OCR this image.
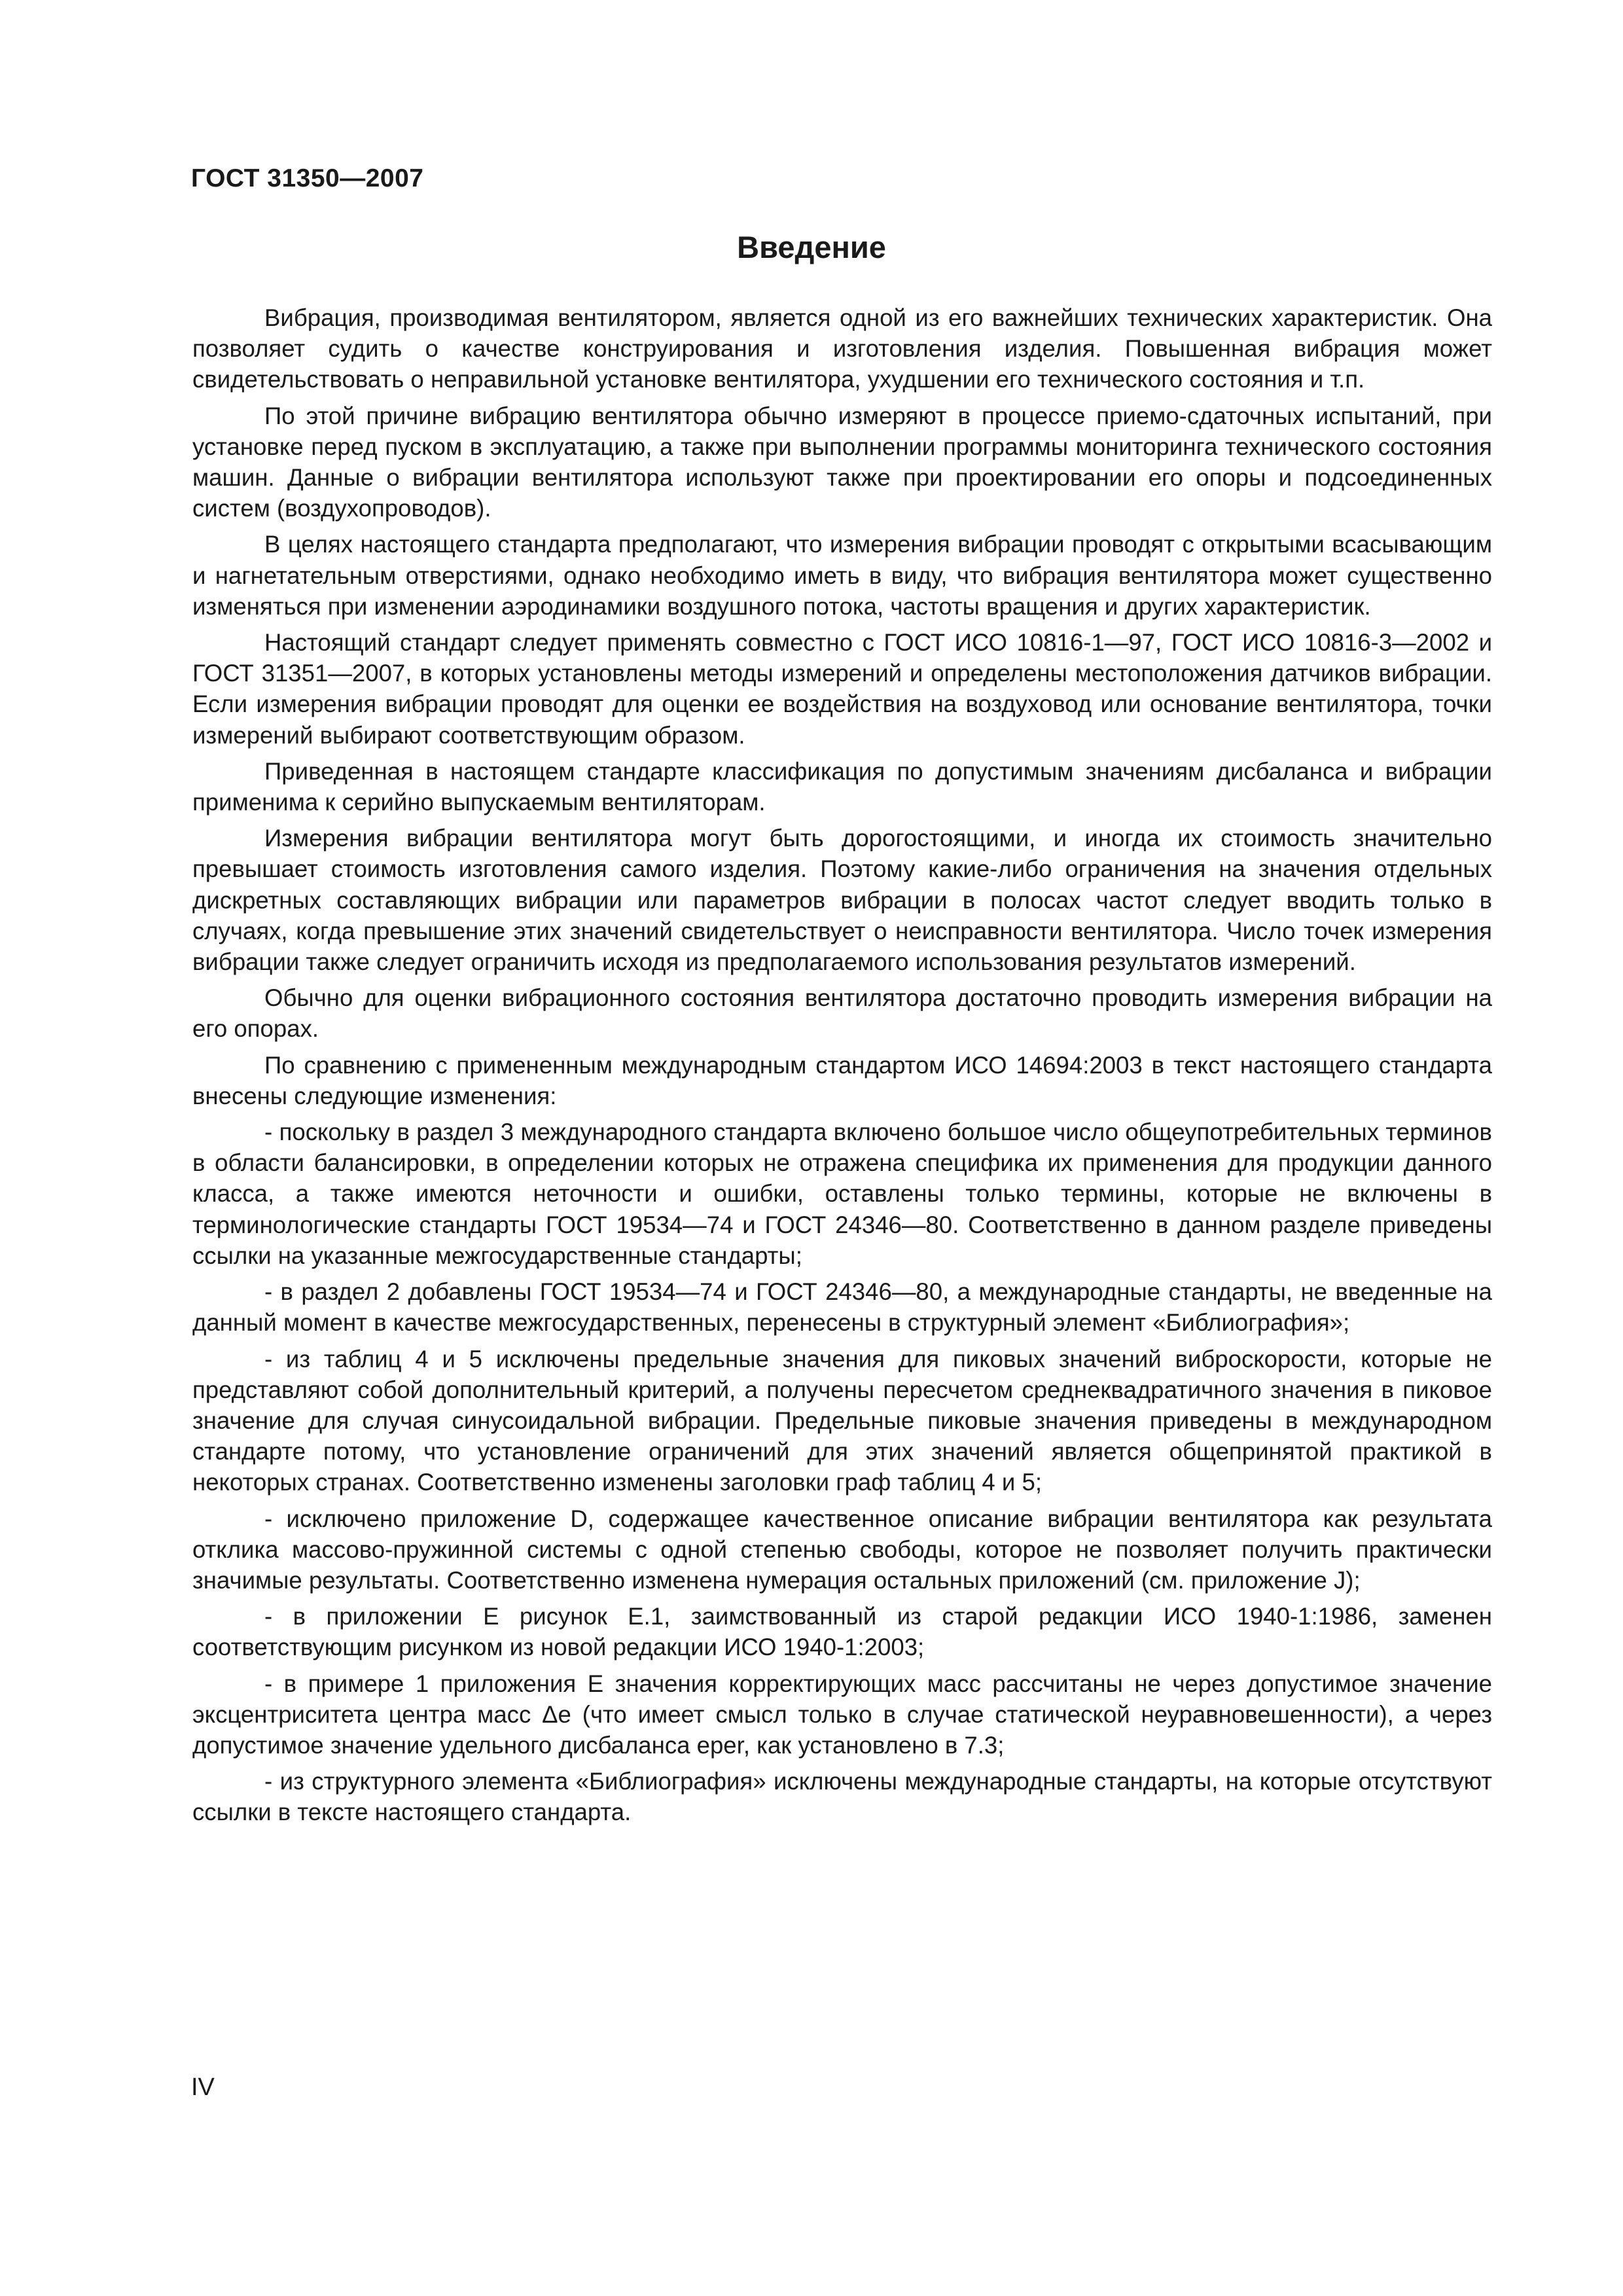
ГОСТ 31350—2007
Введение

Вибрация, производимая вентилятором, является одной из его важнейших технических характеристик. Она позволяет судить о качестве конструирования и изготовления изделия. Повышенная вибрация может свидетельствовать о неправильной установке вентилятора, ухудшении его технического состояния и т.п.

По этой причине вибрацию вентилятора обычно измеряют в процессе приемо-сдаточных испытаний, при установке перед пуском в эксплуатацию, а также при выполнении программы мониторинга технического состояния машин. Данные о вибрации вентилятора используют также при проектировании его опоры и подсоединенных систем (воздухопроводов).

В целях настоящего стандарта предполагают, что измерения вибрации проводят с открытыми всасывающим и нагнетательным отверстиями, однако необходимо иметь в виду, что вибрация вентилятора может существенно изменяться при изменении аэродинамики воздушного потока, частоты вращения и других характеристик.

Настоящий стандарт следует применять совместно с ГОСТ ИСО 10816-1—97, ГОСТ ИСО 10816-3—2002 и ГОСТ 31351—2007, в которых установлены методы измерений и определены местоположения датчиков вибрации. Если измерения вибрации проводят для оценки ее воздействия на воздуховод или основание вентилятора, точки измерений выбирают соответствующим образом.

Приведенная в настоящем стандарте классификация по допустимым значениям дисбаланса и вибрации применима к серийно выпускаемым вентиляторам.

Измерения вибрации вентилятора могут быть дорогостоящими, и иногда их стоимость значительно превышает стоимость изготовления самого изделия. Поэтому какие-либо ограничения на значения отдельных дискретных составляющих вибрации или параметров вибрации в полосах частот следует вводить только в случаях, когда превышение этих значений свидетельствует о неисправности вентилятора. Число точек измерения вибрации также следует ограничить исходя из предполагаемого использования результатов измерений.

Обычно для оценки вибрационного состояния вентилятора достаточно проводить измерения вибрации на его опорах.

По сравнению с примененным международным стандартом ИСО 14694:2003 в текст настоящего стандарта внесены следующие изменения:

- поскольку в раздел 3 международного стандарта включено большое число общеупотребительных терминов в области балансировки, в определении которых не отражена специфика их применения для продукции данного класса, а также имеются неточности и ошибки, оставлены только термины, которые не включены в терминологические стандарты ГОСТ 19534—74 и ГОСТ 24346—80. Соответственно в данном разделе приведены ссылки на указанные межгосударственные стандарты;

- в раздел 2 добавлены ГОСТ 19534—74 и ГОСТ 24346—80, а международные стандарты, не введенные на данный момент в качестве межгосударственных, перенесены в структурный элемент «Библиография»;

- из таблиц 4 и 5 исключены предельные значения для пиковых значений виброскорости, которые не представляют собой дополнительный критерий, а получены пересчетом среднеквадратичного значения в пиковое значение для случая синусоидальной вибрации. Предельные пиковые значения приведены в международном стандарте потому, что установление ограничений для этих значений является общепринятой практикой в некоторых странах. Соответственно изменены заголовки граф таблиц 4 и 5;

- исключено приложение D, содержащее качественное описание вибрации вентилятора как результата отклика массово-пружинной системы с одной степенью свободы, которое не позволяет получить практически значимые результаты. Соответственно изменена нумерация остальных приложений (см. приложение J);

- в приложении Е рисунок Е.1, заимствованный из старой редакции ИСО 1940-1:1986, заменен соответствующим рисунком из новой редакции ИСО 1940-1:2003;

- в примере 1 приложения Е значения корректирующих масс рассчитаны не через допустимое значение эксцентриситета центра масс Δe (что имеет смысл только в случае статической неуравновешенности), а через допустимое значение удельного дисбаланса eper, как установлено в 7.3;

- из структурного элемента «Библиография» исключены международные стандарты, на которые отсутствуют ссылки в тексте настоящего стандарта.

IV
